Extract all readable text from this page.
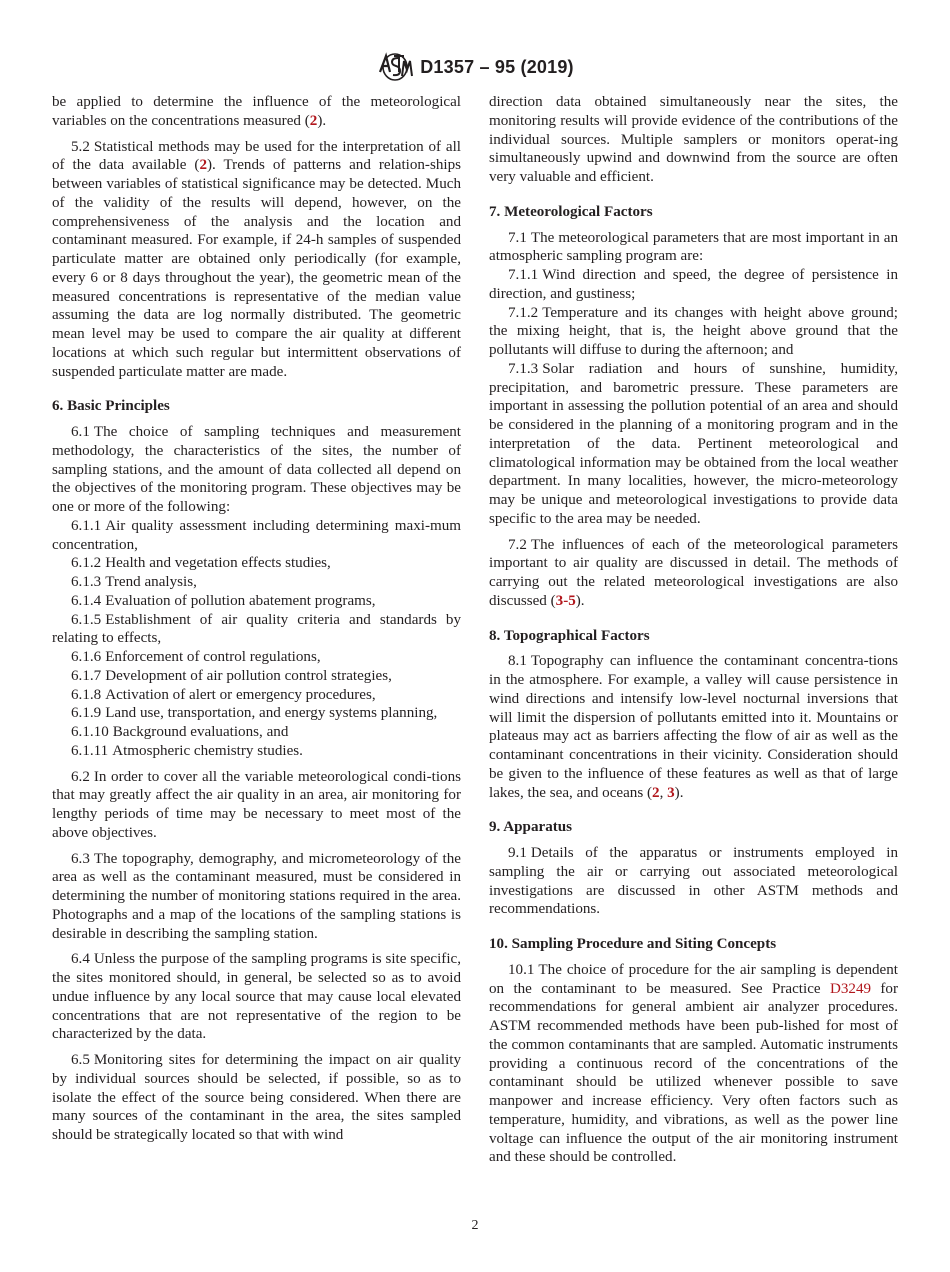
D1357 – 95 (2019)

be applied to determine the influence of the meteorological variables on the concentrations measured (2).

5.2 Statistical methods may be used for the interpretation of all of the data available (2). Trends of patterns and relation-ships between variables of statistical significance may be detected. Much of the validity of the results will depend, however, on the comprehensiveness of the analysis and the location and contaminant measured. For example, if 24-h samples of suspended particulate matter are obtained only periodically (for example, every 6 or 8 days throughout the year), the geometric mean of the measured concentrations is representative of the median value assuming the data are log normally distributed. The geometric mean level may be used to compare the air quality at different locations at which such regular but intermittent observations of suspended particulate matter are made.

6. Basic Principles

6.1 The choice of sampling techniques and measurement methodology, the characteristics of the sites, the number of sampling stations, and the amount of data collected all depend on the objectives of the monitoring program. These objectives may be one or more of the following:

6.1.1 Air quality assessment including determining maxi-mum concentration,

6.1.2 Health and vegetation effects studies,

6.1.3 Trend analysis,

6.1.4 Evaluation of pollution abatement programs,

6.1.5 Establishment of air quality criteria and standards by relating to effects,

6.1.6 Enforcement of control regulations,

6.1.7 Development of air pollution control strategies,

6.1.8 Activation of alert or emergency procedures,

6.1.9 Land use, transportation, and energy systems planning,

6.1.10 Background evaluations, and

6.1.11 Atmospheric chemistry studies.

6.2 In order to cover all the variable meteorological condi-tions that may greatly affect the air quality in an area, air monitoring for lengthy periods of time may be necessary to meet most of the above objectives.

6.3 The topography, demography, and micrometeorology of the area as well as the contaminant measured, must be considered in determining the number of monitoring stations required in the area. Photographs and a map of the locations of the sampling stations is desirable in describing the sampling station.

6.4 Unless the purpose of the sampling programs is site specific, the sites monitored should, in general, be selected so as to avoid undue influence by any local source that may cause local elevated concentrations that are not representative of the region to be characterized by the data.

6.5 Monitoring sites for determining the impact on air quality by individual sources should be selected, if possible, so as to isolate the effect of the source being considered. When there are many sources of the contaminant in the area, the sites sampled should be strategically located so that with wind

direction data obtained simultaneously near the sites, the monitoring results will provide evidence of the contributions of the individual sources. Multiple samplers or monitors operat-ing simultaneously upwind and downwind from the source are often very valuable and efficient.

7. Meteorological Factors

7.1 The meteorological parameters that are most important in an atmospheric sampling program are:

7.1.1 Wind direction and speed, the degree of persistence in direction, and gustiness;

7.1.2 Temperature and its changes with height above ground; the mixing height, that is, the height above ground that the pollutants will diffuse to during the afternoon; and

7.1.3 Solar radiation and hours of sunshine, humidity, precipitation, and barometric pressure. These parameters are important in assessing the pollution potential of an area and should be considered in the planning of a monitoring program and in the interpretation of the data. Pertinent meteorological and climatological information may be obtained from the local weather department. In many localities, however, the micro-meteorology may be unique and meteorological investigations to provide data specific to the area may be needed.

7.2 The influences of each of the meteorological parameters important to air quality are discussed in detail. The methods of carrying out the related meteorological investigations are also discussed (3-5).

8. Topographical Factors

8.1 Topography can influence the contaminant concentra-tions in the atmosphere. For example, a valley will cause persistence in wind directions and intensify low-level nocturnal inversions that will limit the dispersion of pollutants emitted into it. Mountains or plateaus may act as barriers affecting the flow of air as well as the contaminant concentrations in their vicinity. Consideration should be given to the influence of these features as well as that of large lakes, the sea, and oceans (2, 3).

9. Apparatus

9.1 Details of the apparatus or instruments employed in sampling the air or carrying out associated meteorological investigations are discussed in other ASTM methods and recommendations.

10. Sampling Procedure and Siting Concepts

10.1 The choice of procedure for the air sampling is dependent on the contaminant to be measured. See Practice D3249 for recommendations for general ambient air analyzer procedures. ASTM recommended methods have been pub-lished for most of the common contaminants that are sampled. Automatic instruments providing a continuous record of the concentrations of the contaminant should be utilized whenever possible to save manpower and increase efficiency. Very often factors such as temperature, humidity, and vibrations, as well as the power line voltage can influence the output of the air monitoring instrument and these should be controlled.

2
